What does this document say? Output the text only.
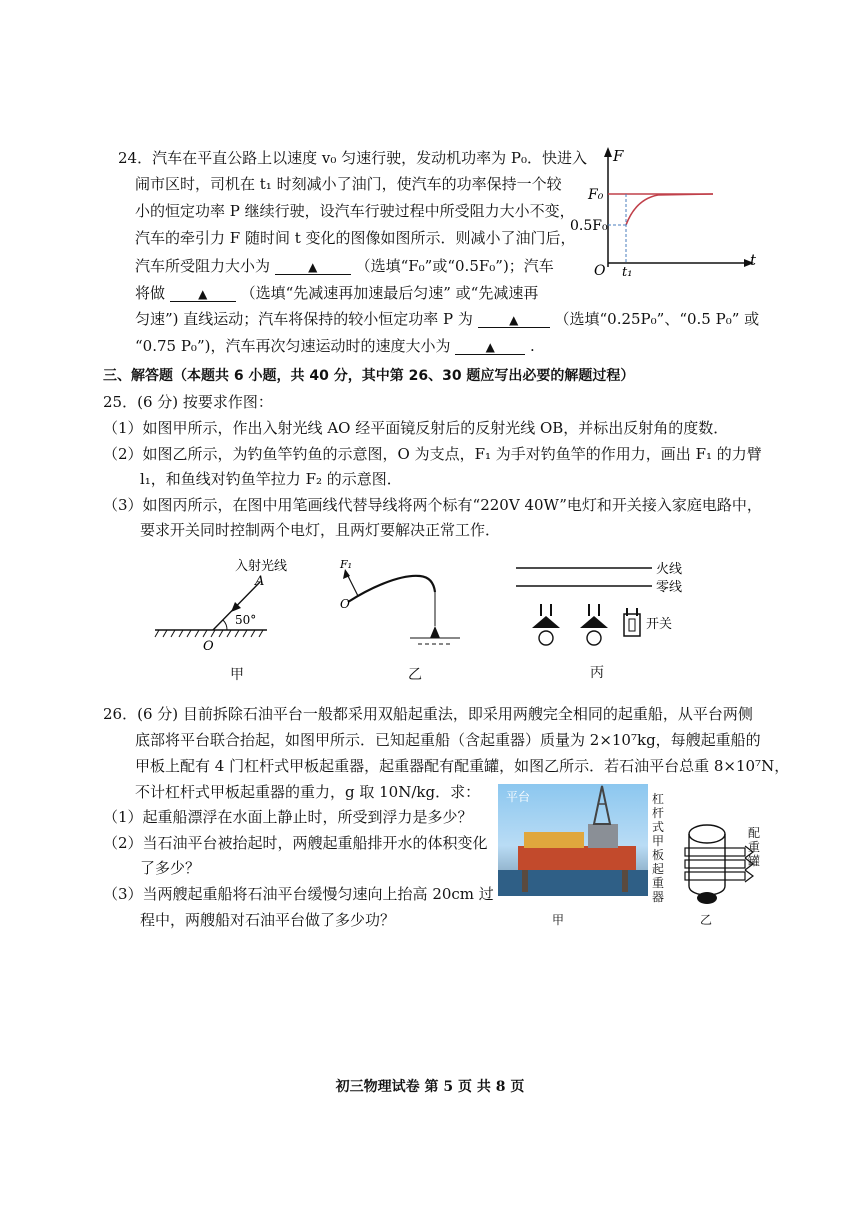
24．汽车在平直公路上以速度 v₀ 匀速行驶，发动机功率为 P₀．快进入
闹市区时，司机在 t₁ 时刻减小了油门，使汽车的功率保持一个较
小的恒定功率 P 继续行驶，设汽车行驶过程中所受阻力大小不变，
汽车的牵引力 F 随时间 t 变化的图像如图所示．则减小了油门后，
汽车所受阻力大小为	▲	（选填“F₀”或“0.5F₀”)；汽车
将做	▲ （选填“先减速再加速最后匀速” 或“先减速再
匀速”) 直线运动；汽车将保持的较小恒定功率 P 为	▲ （选填“0.25P₀”、“0.5 P₀” 或
“0.75 P₀”)，汽车再次匀速运动时的速度大小为	▲ .
F
F₀
0.5F₀
O t₁
t
三、解答题（本题共 6 小题，共 40 分，其中第 26、30 题应写出必要的解题过程）
25．(6 分) 按要求作图：
（1）如图甲所示，作出入射光线 AO 经平面镜反射后的反射光线 OB，并标出反射角的度数．
（2）如图乙所示，为钓鱼竿钓鱼的示意图，O 为支点，F₁ 为手对钓鱼竿的作用力，画出 F₁ 的力臂
l₁，和鱼线对钓鱼竿拉力 F₂ 的示意图．
（3）如图丙所示，在图中用笔画线代替导线将两个标有“220V 40W”电灯和开关接入家庭电路中，
要求开关同时控制两个电灯，且两灯要解决正常工作．
入射光线
A
50°
O
甲
F₁
O
乙
火线
零线
开关
丙
26．(6 分) 目前拆除石油平台一般都采用双船起重法，即采用两艘完全相同的起重船，从平台两侧
底部将平台联合抬起，如图甲所示．已知起重船（含起重器）质量为 2×10⁷kg，每艘起重船的
甲板上配有 4 门杠杆式甲板起重器，起重器配有配重罐，如图乙所示．若石油平台总重 8×10⁷N，
不计杠杆式甲板起重器的重力，g 取 10N/kg．求：
（1）起重船漂浮在水面上静止时，所受到浮力是多少？
（2）当石油平台被抬起时，两艘起重船排开水的体积变化
了多少？
（3）当两艘起重船将石油平台缓慢匀速向上抬高 20cm 过
程中，两艘船对石油平台做了多少功？
平台
甲
杠杆式甲板起重器
配重罐
乙
初三物理试卷 第 5 页 共 8 页
